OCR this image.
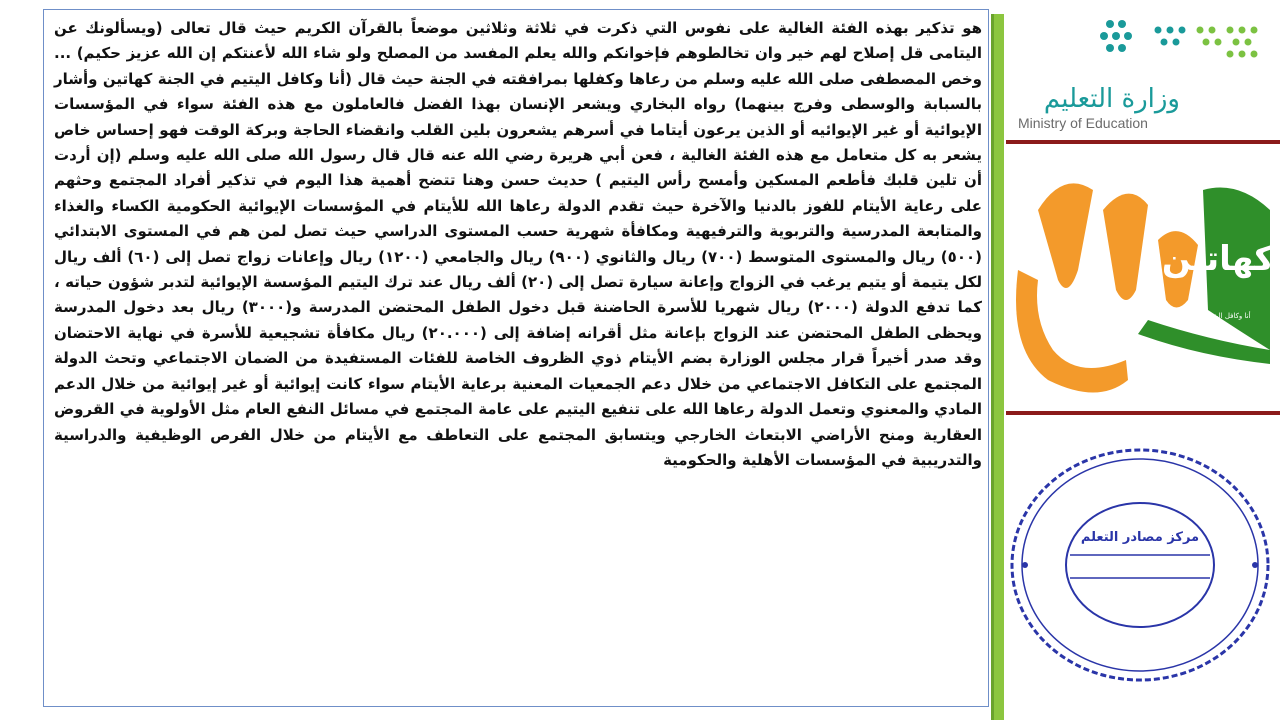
هو تذكير بهذه الفئة الغالية على نفوس التي ذكرت في ثلاثة وثلاثين موضعاً بالقرآن الكريم حيث قال تعالى (ويسألونك عن اليتامى قل إصلاح لهم خير وان تخالطوهم فإخوانكم والله يعلم المفسد من المصلح ولو شاء الله لأعنتكم إن الله عزيز حكيم) ... وخص المصطفى صلى الله عليه وسلم من رعاها وكفلها بمرافقته في الجنة حيث قال (أنا وكافل اليتيم في الجنة كهاتين وأشار بالسبابة والوسطى وفرج بينهما) رواه البخاري ويشعر الإنسان بهذا الفضل فالعاملون مع هذه الفئة سواء في المؤسسات الإيوائية أو غير الإيوائيه أو الذين يرعون أيتاما في أسرهم يشعرون بلين القلب وانقضاء الحاجة وبركة الوقت فهو إحساس خاص يشعر به كل متعامل مع هذه الفئة الغالية ، فعن أبي هريرة رضي الله عنه قال قال رسول الله صلى الله عليه وسلم (إن أردت أن تلين قلبك فأطعم المسكين وأمسح رأس اليتيم ) حديث حسن وهنا تتضح أهمية هذا اليوم في تذكير أفراد المجتمع وحثهم على رعاية الأيتام للفوز بالدنيا والآخرة حيث تقدم الدولة رعاها الله للأيتام في المؤسسات الإيوائية الحكومية الكساء والغذاء والمتابعة المدرسية والتربوية والترفيهية ومكافأة شهرية حسب المستوى الدراسي حيث تصل لمن هم في المستوى الابتدائي (٥٠٠) ريال والمستوى المتوسط (٧٠٠) ريال والثانوي (٩٠٠) ريال والجامعي (١٢٠٠) ريال وإعانات زواج تصل إلى (٦٠) ألف ريال لكل يتيمة أو يتيم يرغب في الزواج وإعانة سيارة تصل إلى (٢٠) ألف ريال عند ترك اليتيم المؤسسة الإيوائية لتدبر شؤون حياته ، كما تدفع الدولة (٢٠٠٠) ريال شهريا للأسرة الحاضنة قبل دخول الطفل المحتضن المدرسة و(٣٠٠٠) ريال بعد دخول المدرسة ويحظى الطفل المحتضن عند الزواج بإعانة مثل أقرانه إضافة إلى (٢٠.٠٠٠) ريال مكافأة تشجيعية للأسرة في نهاية الاحتضان وقد صدر أخيراً قرار مجلس الوزارة بضم الأيتام ذوي الظروف الخاصة للفئات المستفيدة من الضمان الاجتماعي وتحث الدولة المجتمع على التكافل الاجتماعي من خلال دعم الجمعيات المعنية برعاية الأيتام سواء كانت إيوائية أو غير إيوائية من خلال الدعم المادي والمعنوي وتعمل الدولة رعاها الله على تنفيع اليتيم على عامة المجتمع في مسائل النفع العام مثل الأولوية في القروض العقارية ومنح الأراضي الابتعاث الخارجي ويتسابق المجتمع على التعاطف مع الأيتام من خلال الفرص الوظيفية والدراسية والتدريبية في المؤسسات الأهلية والحكومية

وزارة التعليم
Ministry of Education
كهاتين
أنا وكافل اليتيم في الجنة
مركز مصادر التعلم
